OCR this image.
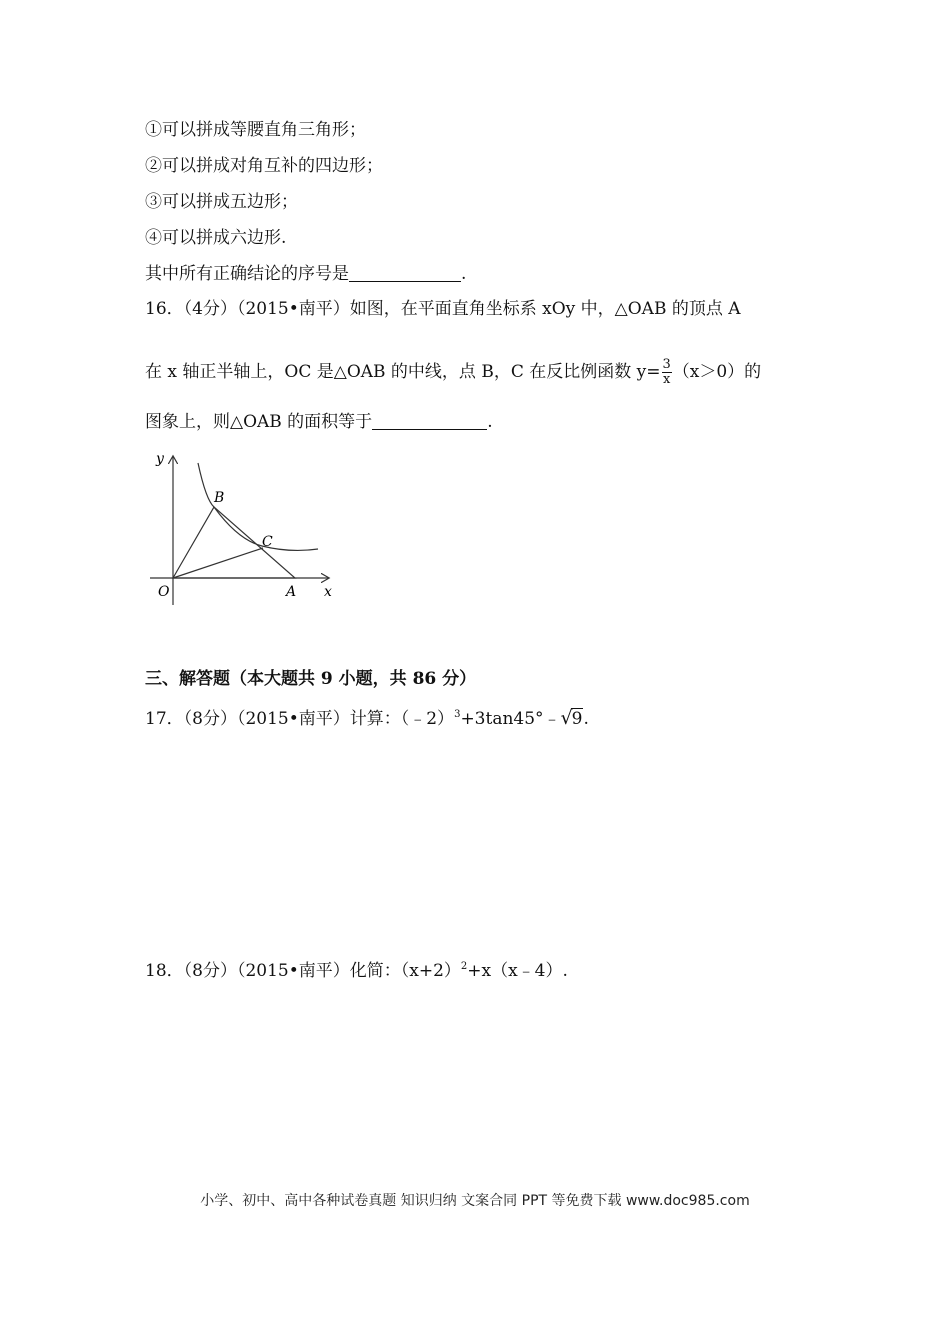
①可以拼成等腰直角三角形；
②可以拼成对角互补的四边形；
③可以拼成五边形；
④可以拼成六边形.
其中所有正确结论的序号是	.
16．（4分）（2015•南平）如图，在平面直角坐标系 xOy 中，△OAB 的顶点 A
在 x 轴正半轴上，OC 是△OAB 的中线，点 B，C 在反比例函数 $y= \frac{3}{x} (x>0)$的
图象上，则△OAB 的面积等于	.
y
x
O	A
B
C
三、解答题（本大题共 9 小题，共 86 分）
17．（8分）（2015•南平）计算：（﹣2）$^3$+3tan45°﹣√9.
18．（8分）（2015•南平）化简：$(x+2)^2+x(x﹣4)$.
小学、初中、高中各种试卷真题 知识归纳 文案合同 PPT 等免费下载 www.doc985.com
